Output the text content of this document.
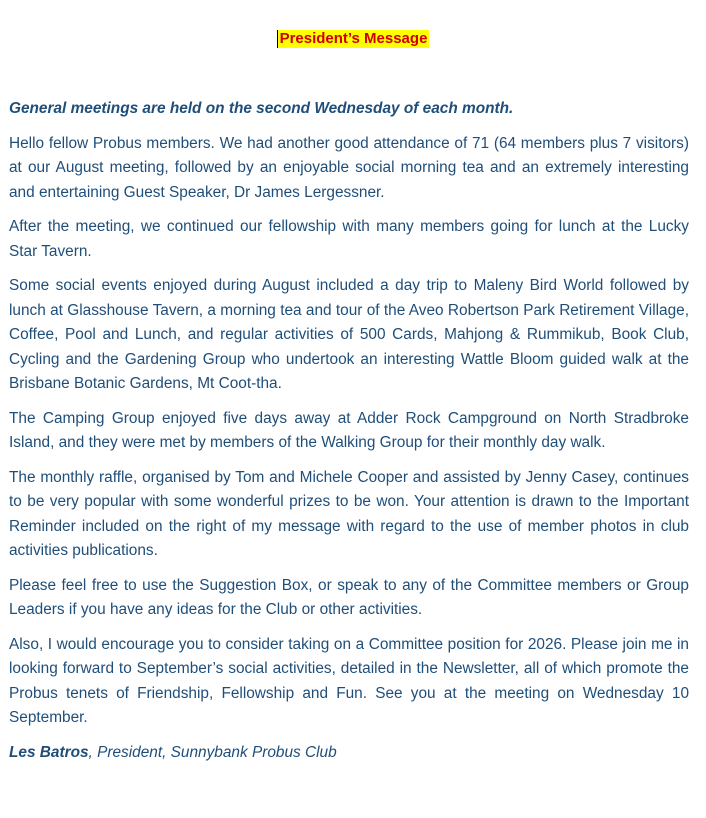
President’s Message

General meetings are held on the second Wednesday of each month.

Hello fellow Probus members. We had another good attendance of 71 (64 members plus 7 visitors) at our August meeting, followed by an enjoyable social morning tea and an extremely interesting and entertaining Guest Speaker, Dr James Lergessner.

After the meeting, we continued our fellowship with many members going for lunch at the Lucky Star Tavern.

Some social events enjoyed during August included a day trip to Maleny Bird World followed by lunch at Glasshouse Tavern, a morning tea and tour of the Aveo Robertson Park Retirement Village, Coffee, Pool and Lunch, and regular activities of 500 Cards, Mahjong & Rummikub, Book Club, Cycling and the Gardening Group who undertook an interesting Wattle Bloom guided walk at the Brisbane Botanic Gardens, Mt Coot-tha.

The Camping Group enjoyed five days away at Adder Rock Campground on North Stradbroke Island, and they were met by members of the Walking Group for their monthly day walk.

The monthly raffle, organised by Tom and Michele Cooper and assisted by Jenny Casey, continues to be very popular with some wonderful prizes to be won. Your attention is drawn to the Important Reminder included on the right of my message with regard to the use of member photos in club activities publications.

Please feel free to use the Suggestion Box, or speak to any of the Committee members or Group Leaders if you have any ideas for the Club or other activities.

Also, I would encourage you to consider taking on a Committee position for 2026. Please join me in looking forward to September’s social activities, detailed in the Newsletter, all of which promote the Probus tenets of Friendship, Fellowship and Fun. See you at the meeting on Wednesday 10 September.

Les Batros, President, Sunnybank Probus Club
